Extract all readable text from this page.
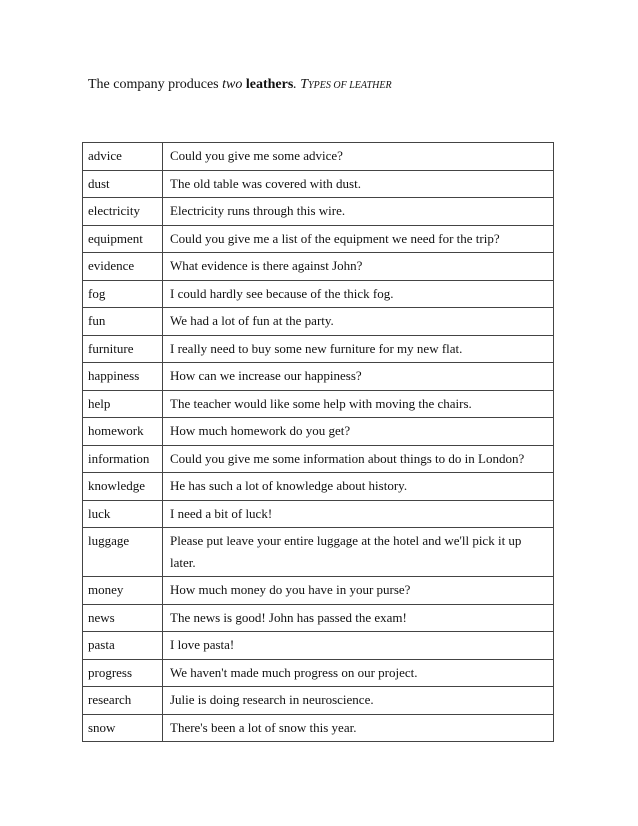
The company produces two leathers. TYPES OF LEATHER
advice	Could you give me some advice?
dust	The old table was covered with dust.
electricity	Electricity runs through this wire.
equipment	Could you give me a list of the equipment we need for the trip?
evidence	What evidence is there against John?
fog	I could hardly see because of the thick fog.
fun	We had a lot of fun at the party.
furniture	I really need to buy some new furniture for my new flat.
happiness	How can we increase our happiness?
help	The teacher would like some help with moving the chairs.
homework	How much homework do you get?
information	Could you give me some information about things to do in London?
knowledge	He has such a lot of knowledge about history.
luck	I need a bit of luck!
luggage	Please put leave your entire luggage at the hotel and we'll pick it up later.
money	How much money do you have in your purse?
news	The news is good! John has passed the exam!
pasta	I love pasta!
progress	We haven't made much progress on our project.
research	Julie is doing research in neuroscience.
snow	There's been a lot of snow this year.
